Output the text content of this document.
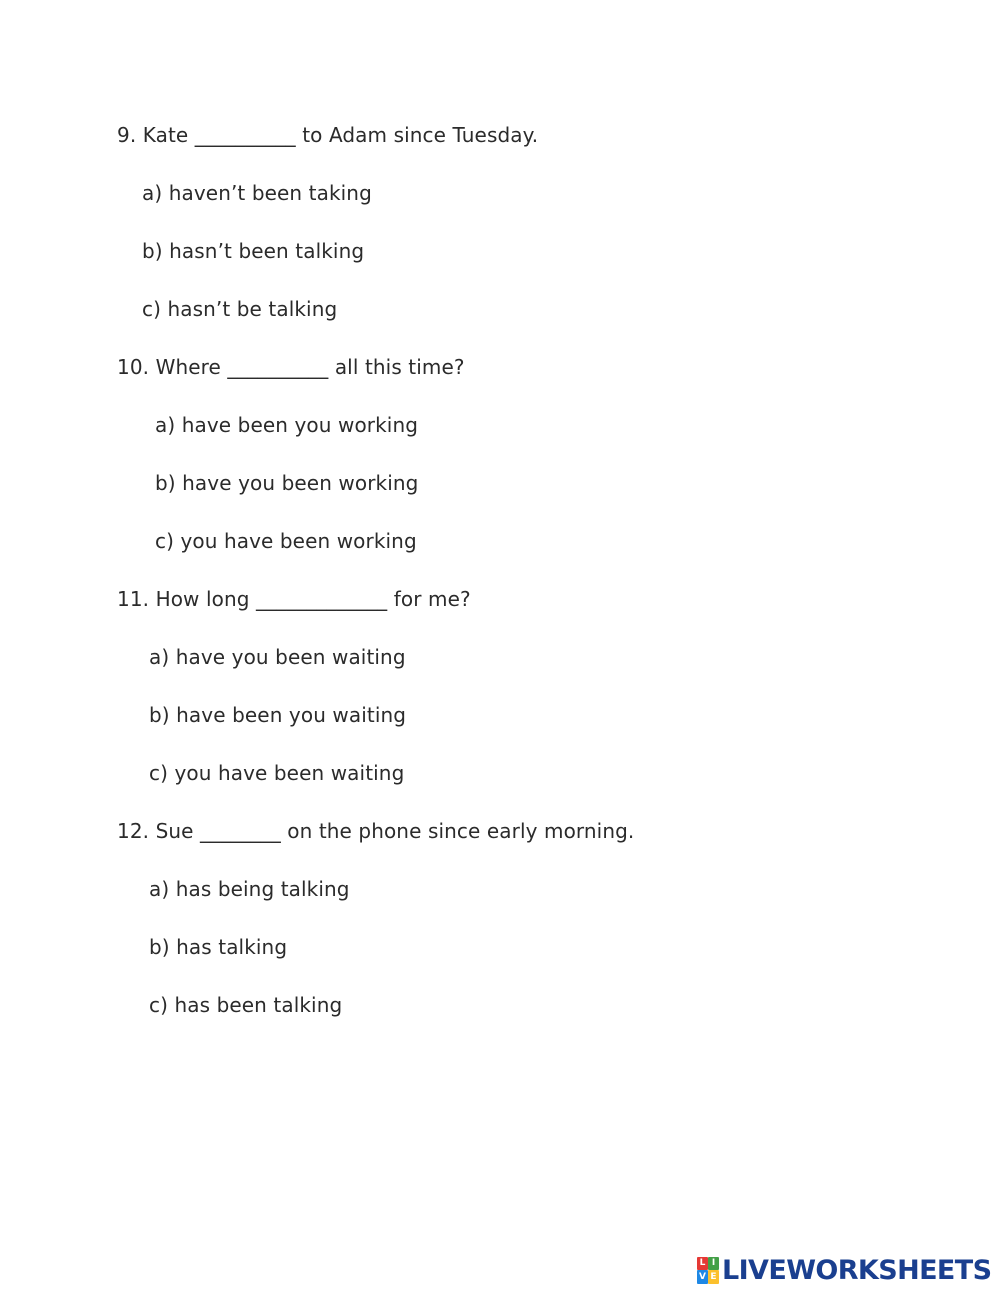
9. Kate __________ to Adam since Tuesday.
a) haven’t been taking
b) hasn’t been talking
c) hasn’t be talking
10. Where __________ all this time?
a) have been you working
b) have you been working
c) you have been working
11. How long _____________ for me?
a) have you been waiting
b) have been you waiting
c) you have been waiting
12. Sue ________ on the phone since early morning.
a) has being talking
b) has talking
c) has been talking
L I
V E LIVEWORKSHEETS
